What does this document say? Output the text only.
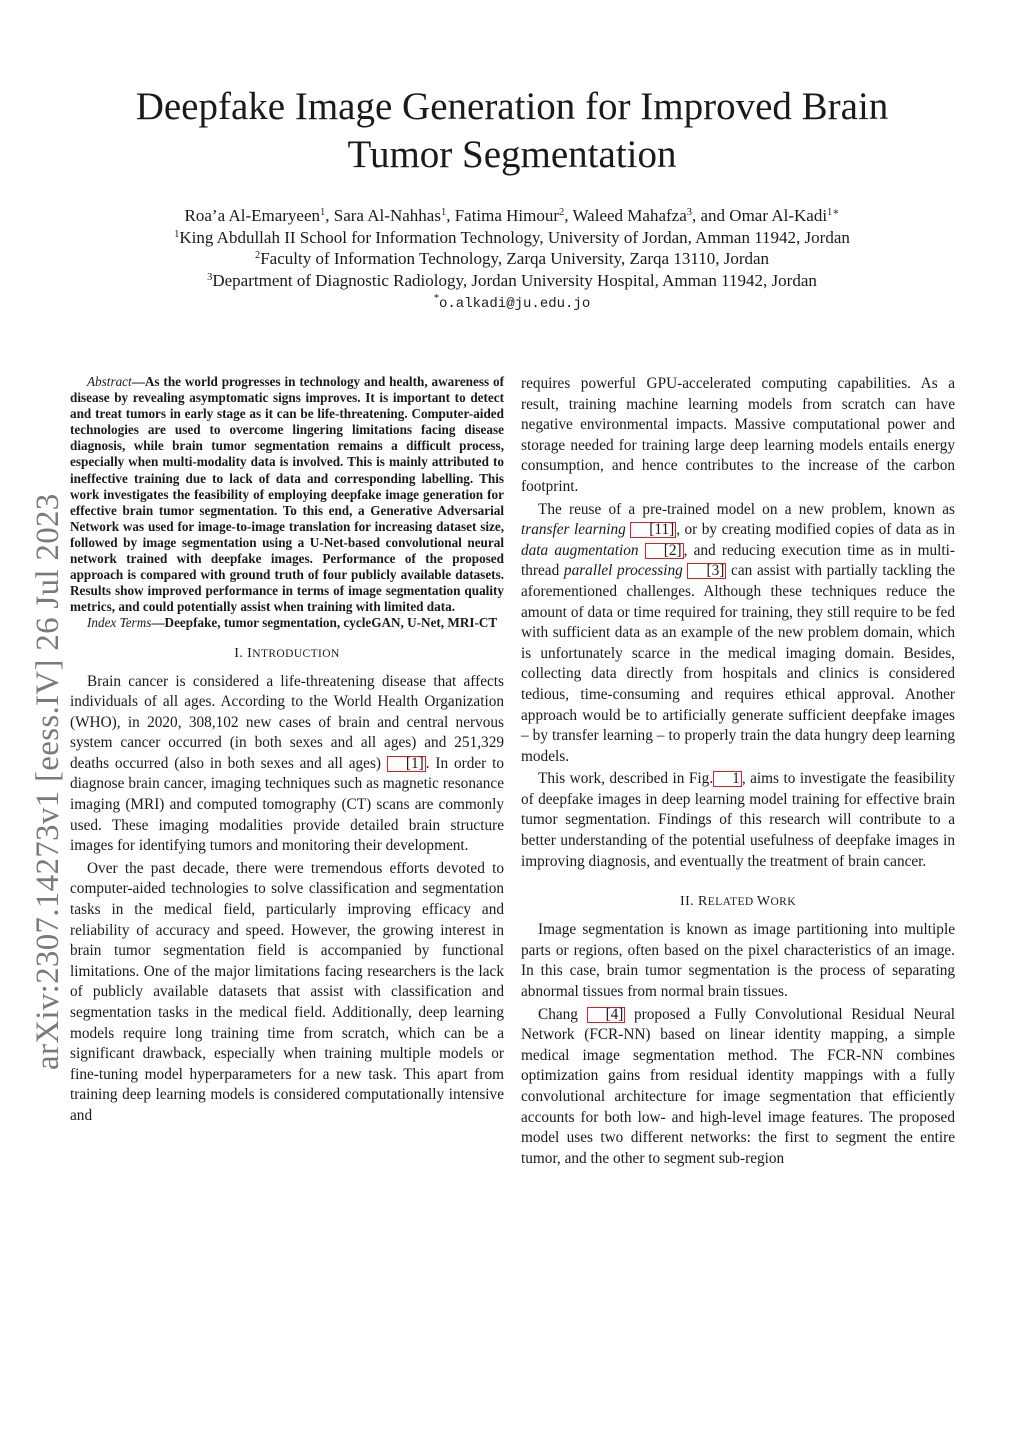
arXiv:2307.14273v1 [eess.IV] 26 Jul 2023
Deepfake Image Generation for Improved Brain
Tumor Segmentation
Roa’a Al-Emaryeen$^1$, Sara Al-Nahhas$^1$, Fatima Himour$^2$, Waleed Mahafza$^3$, and Omar Al-Kadi$^{1∗}$
$^1$King Abdullah II School for Information Technology, University of Jordan, Amman 11942, Jordan
$^2$Faculty of Information Technology, Zarqa University, Zarqa 13110, Jordan
$^3$Department of Diagnostic Radiology, Jordan University Hospital, Amman 11942, Jordan
*o.alkadi@ju.edu.jo

Abstract—As the world progresses in technology and health, awareness of disease by revealing asymptomatic signs improves. It is important to detect and treat tumors in early stage as it can be life-threatening. Computer-aided technologies are used to overcome lingering limitations facing disease diagnosis, while brain tumor segmentation remains a difficult process, especially when multi-modality data is involved. This is mainly attributed to ineffective training due to lack of data and corresponding labelling. This work investigates the feasibility of employing deepfake image generation for effective brain tumor segmentation. To this end, a Generative Adversarial Network was used for image-to-image translation for increasing dataset size, followed by image segmentation using a U-Net-based convolutional neural network trained with deepfake images. Performance of the proposed approach is compared with ground truth of four publicly available datasets. Results show improved performance in terms of image segmentation quality metrics, and could potentially assist when training with limited data.

Index Terms—Deepfake, tumor segmentation, cycleGAN, U-Net, MRI-CT

I. INTRODUCTION

Brain cancer is considered a life-threatening disease that affects individuals of all ages. According to the World Health Organization (WHO), in 2020, 308,102 new cases of brain and central nervous system cancer occurred (in both sexes and all ages) and 251,329 deaths occurred (also in both sexes and all ages) [1] . In order to diagnose brain cancer, imaging techniques such as magnetic resonance imaging (MRI) and computed tomography (CT) scans are commonly used. These imaging modalities provide detailed brain structure images for identifying tumors and monitoring their development.

Over the past decade, there were tremendous efforts devoted to computer-aided technologies to solve classification and segmentation tasks in the medical field, particularly improving efficacy and reliability of accuracy and speed. However, the growing interest in brain tumor segmentation field is accompanied by functional limitations. One of the major limitations facing researchers is the lack of publicly available datasets that assist with classification and segmentation tasks in the medical field. Additionally, deep learning models require long training time from scratch, which can be a significant drawback, especially when training multiple models or fine-tuning model hyperparameters for a new task. This apart from training deep learning models is considered computationally intensive and

requires powerful GPU-accelerated computing capabilities. As a result, training machine learning models from scratch can have negative environmental impacts. Massive computational power and storage needed for training large deep learning models entails energy consumption, and hence contributes to the increase of the carbon footprint.

The reuse of a pre-trained model on a new problem, known as transfer learning [11] , or by creating modified copies of data as in data augmentation [2] , and reducing execution time as in multi-thread parallel processing [3] can assist with partially tackling the aforementioned challenges. Although these techniques reduce the amount of data or time required for training, they still require to be fed with sufficient data as an example of the new problem domain, which is unfortunately scarce in the medical imaging domain. Besides, collecting data directly from hospitals and clinics is considered tedious, time-consuming and requires ethical approval. Another approach would be to artificially generate sufficient deepfake images – by transfer learning – to properly train the data hungry deep learning models.

This work, described in Fig. 1 , aims to investigate the feasibility of deepfake images in deep learning model training for effective brain tumor segmentation. Findings of this research will contribute to a better understanding of the potential usefulness of deepfake images in improving diagnosis, and eventually the treatment of brain cancer.

II. RELATED WORK

Image segmentation is known as image partitioning into multiple parts or regions, often based on the pixel characteristics of an image. In this case, brain tumor segmentation is the process of separating abnormal tissues from normal brain tissues.

Chang [4] proposed a Fully Convolutional Residual Neural Network (FCR-NN) based on linear identity mapping, a simple medical image segmentation method. The FCR-NN combines optimization gains from residual identity mappings with a fully convolutional architecture for image segmentation that efficiently accounts for both low- and high-level image features. The proposed model uses two different networks: the first to segment the entire tumor, and the other to segment sub-region
